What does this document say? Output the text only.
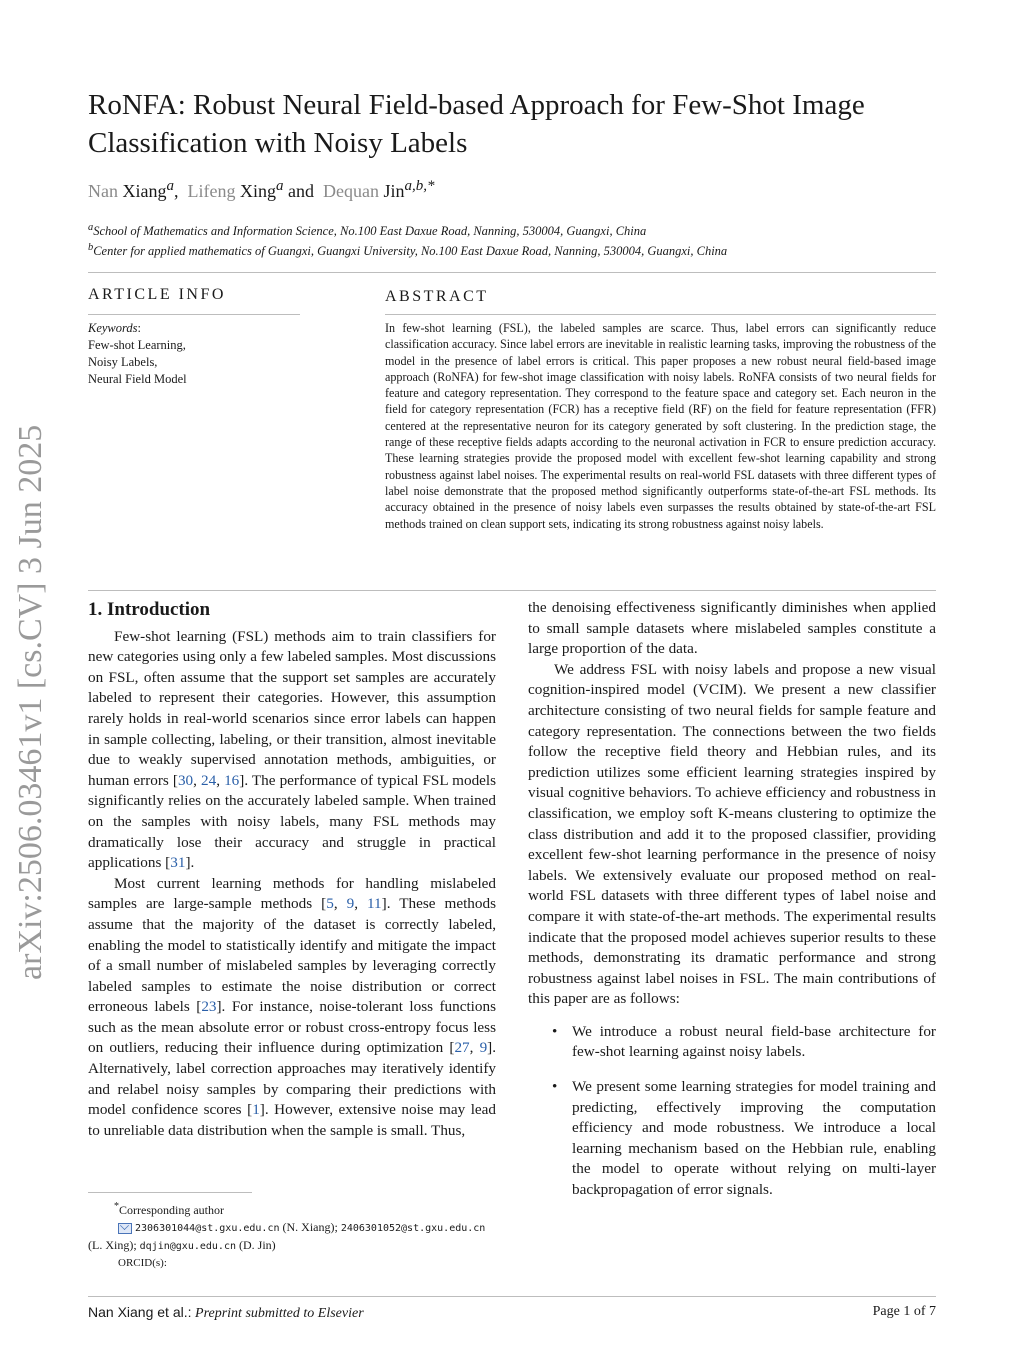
arXiv:2506.03461v1 [cs.CV] 3 Jun 2025
RoNFA: Robust Neural Field-based Approach for Few-Shot Image Classification with Noisy Labels
Nan Xiang$^a$, Lifeng Xing$^a$ and Dequan Jin$^{a,b,*}$
$^a$School of Mathematics and Information Science, No.100 East Daxue Road, Nanning, 530004, Guangxi, China
$^b$Center for applied mathematics of Guangxi, Guangxi University, No.100 East Daxue Road, Nanning, 530004, Guangxi, China
ARTICLE INFO
Keywords:
Few-shot Learning,
Noisy Labels,
Neural Field Model
ABSTRACT
In few-shot learning (FSL), the labeled samples are scarce. Thus, label errors can significantly reduce classification accuracy. Since label errors are inevitable in realistic learning tasks, improving the robustness of the model in the presence of label errors is critical. This paper proposes a new robust neural field-based image approach (RoNFA) for few-shot image classification with noisy labels. RoNFA consists of two neural fields for feature and category representation. They correspond to the feature space and category set. Each neuron in the field for category representation (FCR) has a receptive field (RF) on the field for feature representation (FFR) centered at the representative neuron for its category generated by soft clustering. In the prediction stage, the range of these receptive fields adapts according to the neuronal activation in FCR to ensure prediction accuracy. These learning strategies provide the proposed model with excellent few-shot learning capability and strong robustness against label noises. The experimental results on real-world FSL datasets with three different types of label noise demonstrate that the proposed method significantly outperforms state-of-the-art FSL methods. Its accuracy obtained in the presence of noisy labels even surpasses the results obtained by state-of-the-art FSL methods trained on clean support sets, indicating its strong robustness against noisy labels.
1. Introduction

Few-shot learning (FSL) methods aim to train classifiers for new categories using only a few labeled samples. Most discussions on FSL, often assume that the support set samples are accurately labeled to represent their categories. However, this assumption rarely holds in real-world scenarios since error labels can happen in sample collecting, labeling, or their transition, almost inevitable due to weakly supervised annotation methods, ambiguities, or human errors [30, 24, 16]. The performance of typical FSL models significantly relies on the accurately labeled sample. When trained on the samples with noisy labels, many FSL methods may dramatically lose their accuracy and struggle in practical applications [31].

Most current learning methods for handling mislabeled samples are large-sample methods [5, 9, 11]. These methods assume that the majority of the dataset is correctly labeled, enabling the model to statistically identify and mitigate the impact of a small number of mislabeled samples by leveraging correctly labeled samples to estimate the noise distribution or correct erroneous labels [23]. For instance, noise-tolerant loss functions such as the mean absolute error or robust cross-entropy focus less on outliers, reducing their influence during optimization [27, 9]. Alternatively, label correction approaches may iteratively identify and relabel noisy samples by comparing their predictions with model confidence scores [1]. However, extensive noise may lead to unreliable data distribution when the sample is small. Thus,

*Corresponding author
2306301044@st.gxu.edu.cn (N. Xiang); 2406301052@st.gxu.edu.cn
(L. Xing); dqjin@gxu.edu.cn (D. Jin)
ORCID(s):

the denoising effectiveness significantly diminishes when applied to small sample datasets where mislabeled samples constitute a large proportion of the data.

We address FSL with noisy labels and propose a new visual cognition-inspired model (VCIM). We present a new classifier architecture consisting of two neural fields for sample feature and category representation. The connections between the two fields follow the receptive field theory and Hebbian rules, and its prediction utilizes some efficient learning strategies inspired by visual cognitive behaviors. To achieve efficiency and robustness in classification, we employ soft K-means clustering to optimize the class distribution and add it to the proposed classifier, providing excellent few-shot learning performance in the presence of noisy labels. We extensively evaluate our proposed method on real-world FSL datasets with three different types of label noise and compare it with state-of-the-art methods. The experimental results indicate that the proposed model achieves superior results to these methods, demonstrating its dramatic performance and strong robustness against label noises in FSL. The main contributions of this paper are as follows:

• We introduce a robust neural field-base architecture for few-shot learning against noisy labels.
• We present some learning strategies for model training and predicting, effectively improving the computation efficiency and mode robustness. We introduce a local learning mechanism based on the Hebbian rule, enabling the model to operate without relying on multi-layer backpropagation of error signals.
Nan Xiang et al.: Preprint submitted to Elsevier	Page 1 of 7
